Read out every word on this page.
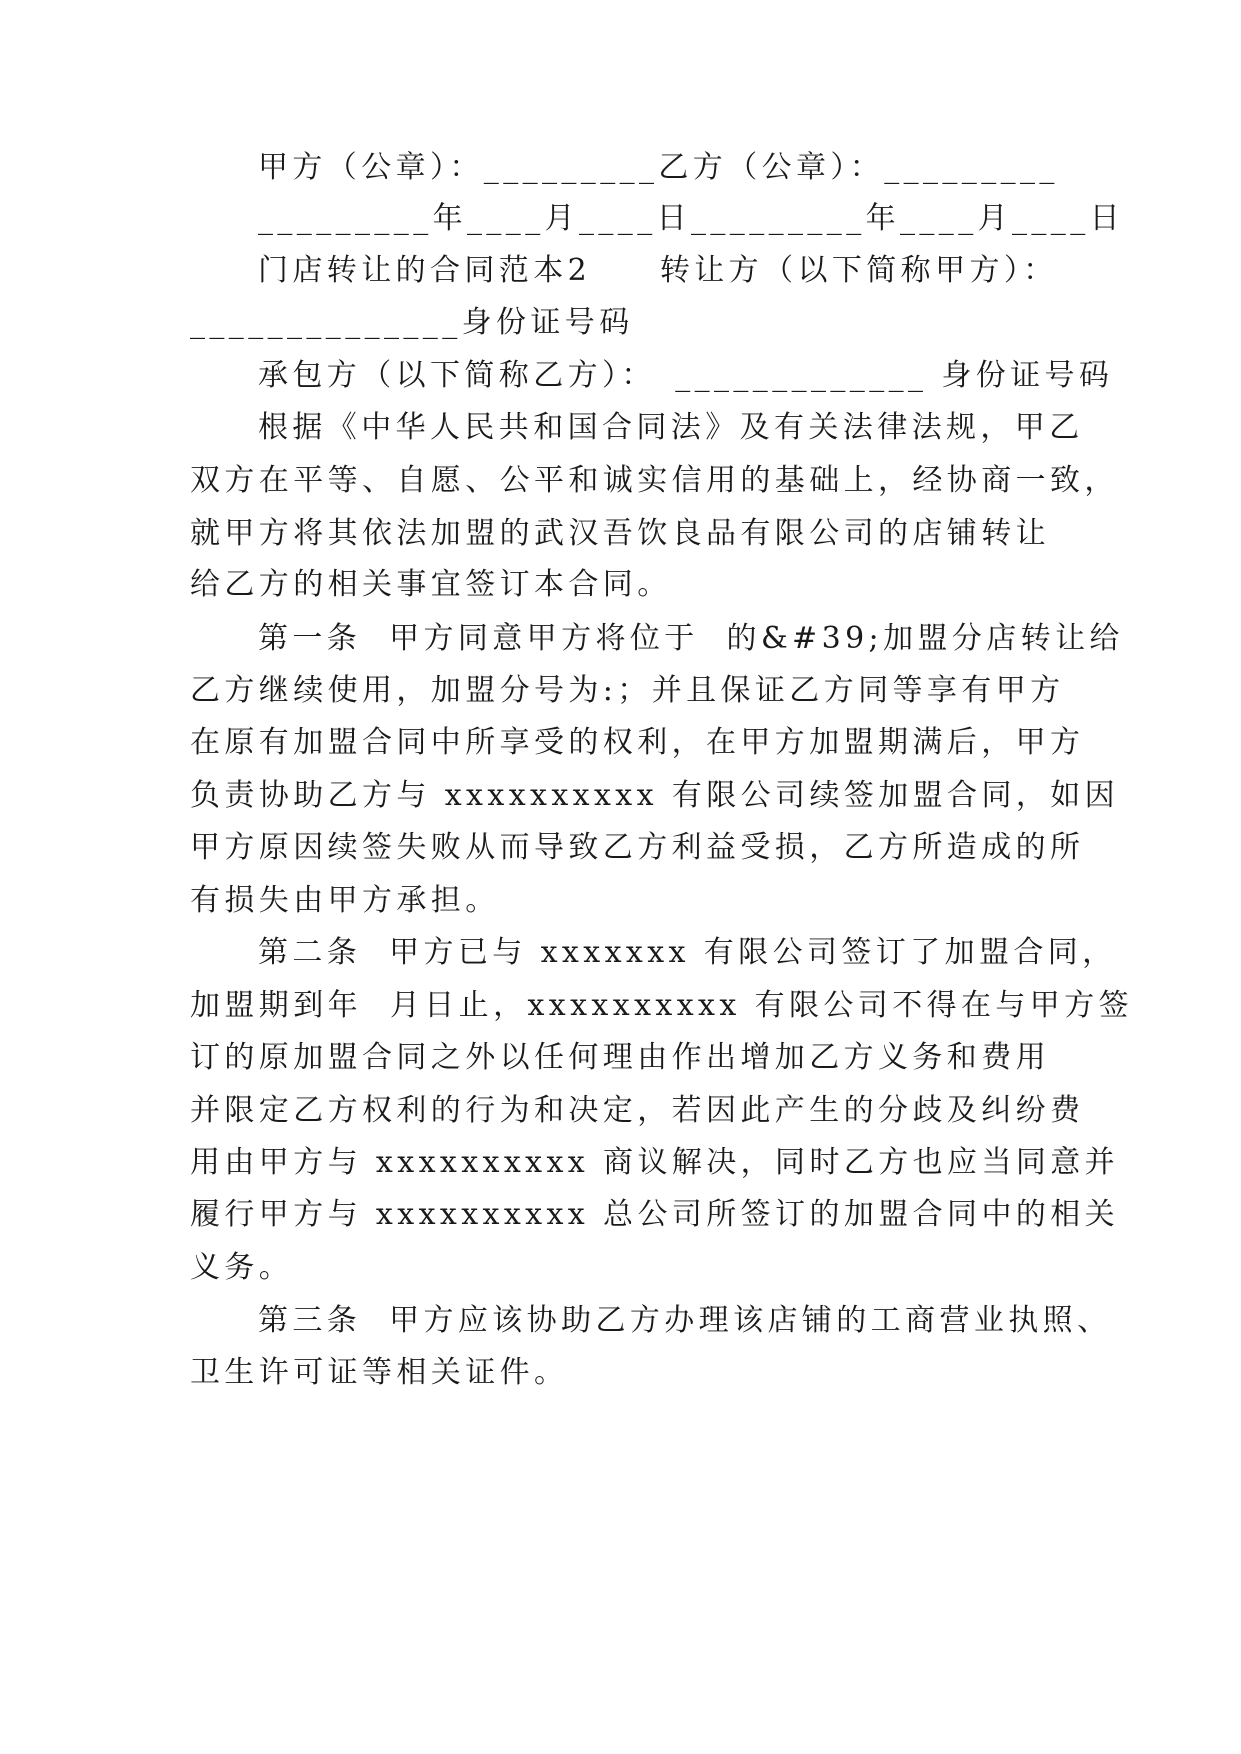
甲方（公章）：_________乙方（公章）：_________
_________年____月____日_________年____月____日
门店转让的合同范本2　　转让方（以下简称甲方）：
______________身份证号码
承包方（以下简称乙方）：　_____________ 身份证号码
根据《中华人民共和国合同法》及有关法律法规，甲乙
双方在平等、自愿、公平和诚实信用的基础上，经协商一致，
就甲方将其依法加盟的武汉吾饮良品有限公司的店铺转让
给乙方的相关事宜签订本合同。
第一条  甲方同意甲方将位于  的&#39;加盟分店转让给
乙方继续使用，加盟分号为:；并且保证乙方同等享有甲方
在原有加盟合同中所享受的权利，在甲方加盟期满后，甲方
负责协助乙方与 xxxxxxxxxx 有限公司续签加盟合同，如因
甲方原因续签失败从而导致乙方利益受损，乙方所造成的所
有损失由甲方承担。
第二条  甲方已与 xxxxxxx 有限公司签订了加盟合同，
加盟期到年  月日止，xxxxxxxxxx 有限公司不得在与甲方签
订的原加盟合同之外以任何理由作出增加乙方义务和费用
并限定乙方权利的行为和决定，若因此产生的分歧及纠纷费
用由甲方与 xxxxxxxxxx 商议解决，同时乙方也应当同意并
履行甲方与 xxxxxxxxxx 总公司所签订的加盟合同中的相关
义务。
第三条  甲方应该协助乙方办理该店铺的工商营业执照、
卫生许可证等相关证件。
